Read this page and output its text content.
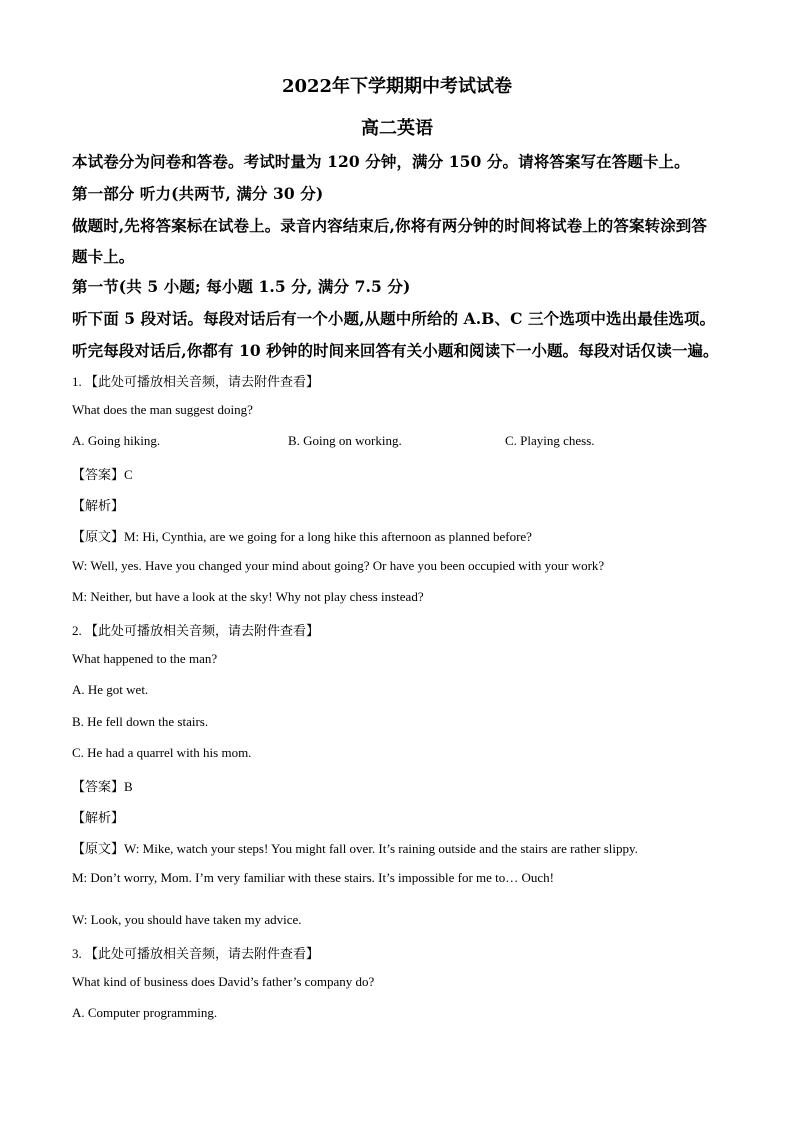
2022年下学期期中考试试卷
高二英语
本试卷分为问卷和答卷。考试时量为 120 分钟，满分 150 分。请将答案写在答题卡上。
第一部分 听力(共两节, 满分 30 分)
做题时,先将答案标在试卷上。录音内容结束后,你将有两分钟的时间将试卷上的答案转涂到答
题卡上。
第一节(共 5 小题; 每小题 1.5 分, 满分 7.5 分)
听下面 5 段对话。每段对话后有一个小题,从题中所给的 A.B、C 三个选项中选出最佳选项。
听完每段对话后,你都有 10 秒钟的时间来回答有关小题和阅读下一小题。每段对话仅读一遍。
1. 【此处可播放相关音频，请去附件查看】
What does the man suggest doing?
A. Going hiking.	B. Going on working.	C. Playing chess.
【答案】C
【解析】
【原文】M: Hi, Cynthia, are we going for a long hike this afternoon as planned before?
W: Well, yes. Have you changed your mind about going? Or have you been occupied with your work?
M: Neither, but have a look at the sky! Why not play chess instead?
2. 【此处可播放相关音频，请去附件查看】
What happened to the man?
A. He got wet.
B. He fell down the stairs.
C. He had a quarrel with his mom.
【答案】B
【解析】
【原文】W: Mike, watch your steps! You might fall over. It’s raining outside and the stairs are rather slippy.
M: Don’t worry, Mom. I’m very familiar with these stairs. It’s impossible for me to… Ouch!
W: Look, you should have taken my advice.
3. 【此处可播放相关音频，请去附件查看】
What kind of business does David’s father’s company do?
A. Computer programming.
